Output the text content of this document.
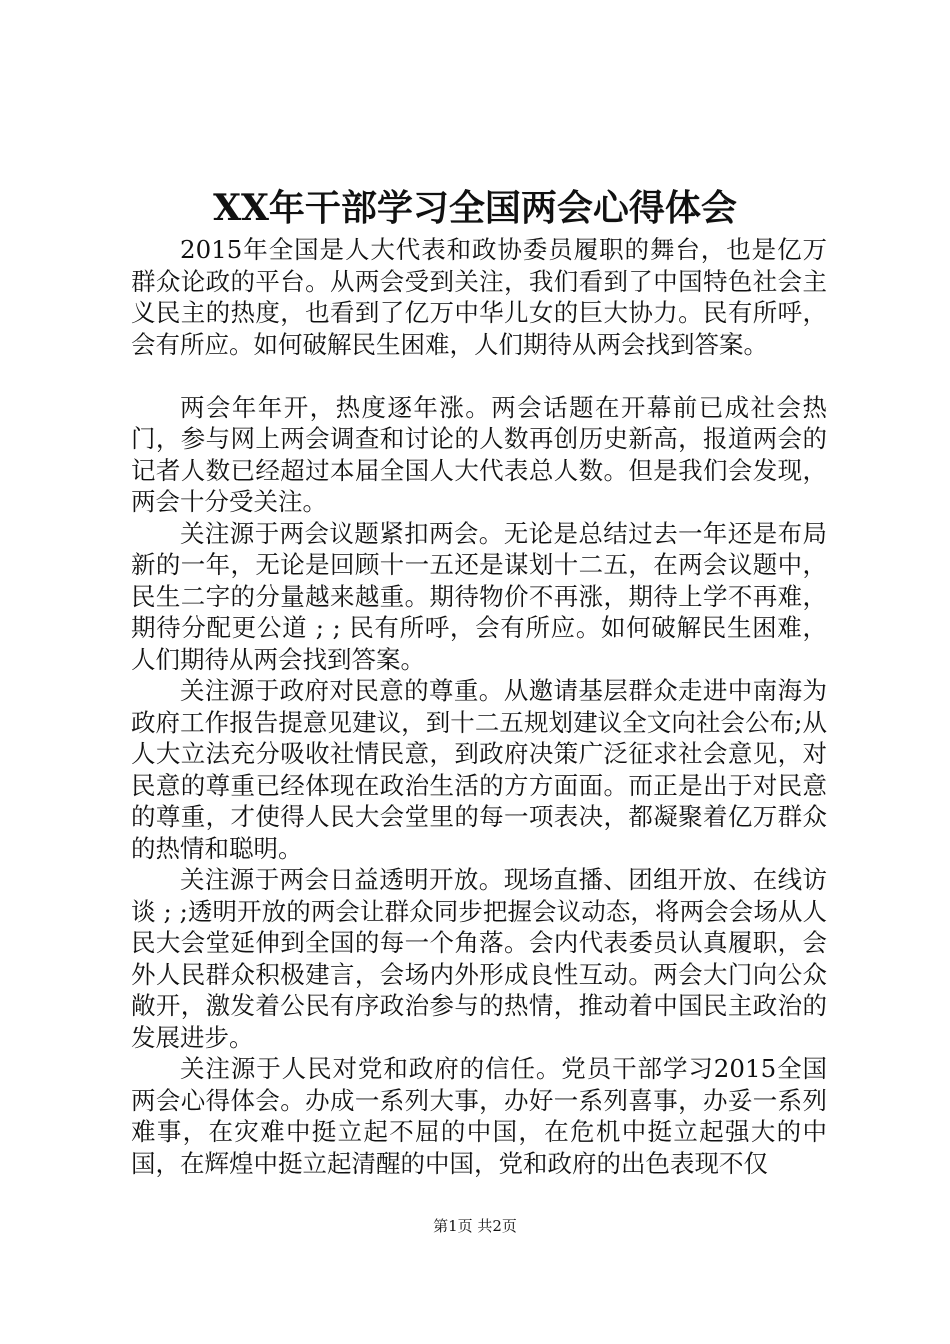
XX年干部学习全国两会心得体会

2015年全国是人大代表和政协委员履职的舞台，也是亿万群众论政的平台。从两会受到关注，我们看到了中国特色社会主义民主的热度，也看到了亿万中华儿女的巨大协力。民有所呼，会有所应。如何破解民生困难，人们期待从两会找到答案。

两会年年开，热度逐年涨。两会话题在开幕前已成社会热门，参与网上两会调查和讨论的人数再创历史新高，报道两会的记者人数已经超过本届全国人大代表总人数。但是我们会发现，两会十分受关注。

关注源于两会议题紧扣两会。无论是总结过去一年还是布局新的一年，无论是回顾十一五还是谋划十二五，在两会议题中，民生二字的分量越来越重。期待物价不再涨，期待上学不再难，期待分配更公道 ; ; 民有所呼，会有所应。如何破解民生困难，人们期待从两会找到答案。

关注源于政府对民意的尊重。从邀请基层群众走进中南海为政府工作报告提意见建议，到十二五规划建议全文向社会公布;从人大立法充分吸收社情民意，到政府决策广泛征求社会意见，对民意的尊重已经体现在政治生活的方方面面。而正是出于对民意的尊重，才使得人民大会堂里的每一项表决，都凝聚着亿万群众的热情和聪明。

关注源于两会日益透明开放。现场直播、团组开放、在线访谈 ; ;透明开放的两会让群众同步把握会议动态，将两会会场从人民大会堂延伸到全国的每一个角落。会内代表委员认真履职，会外人民群众积极建言，会场内外形成良性互动。两会大门向公众敞开，激发着公民有序政治参与的热情，推动着中国民主政治的发展进步。

关注源于人民对党和政府的信任。党员干部学习2015全国两会心得体会。办成一系列大事，办好一系列喜事，办妥一系列难事，在灾难中挺立起不屈的中国，在危机中挺立起强大的中国，在辉煌中挺立起清醒的中国，党和政府的出色表现不仅

第1页 共2页
